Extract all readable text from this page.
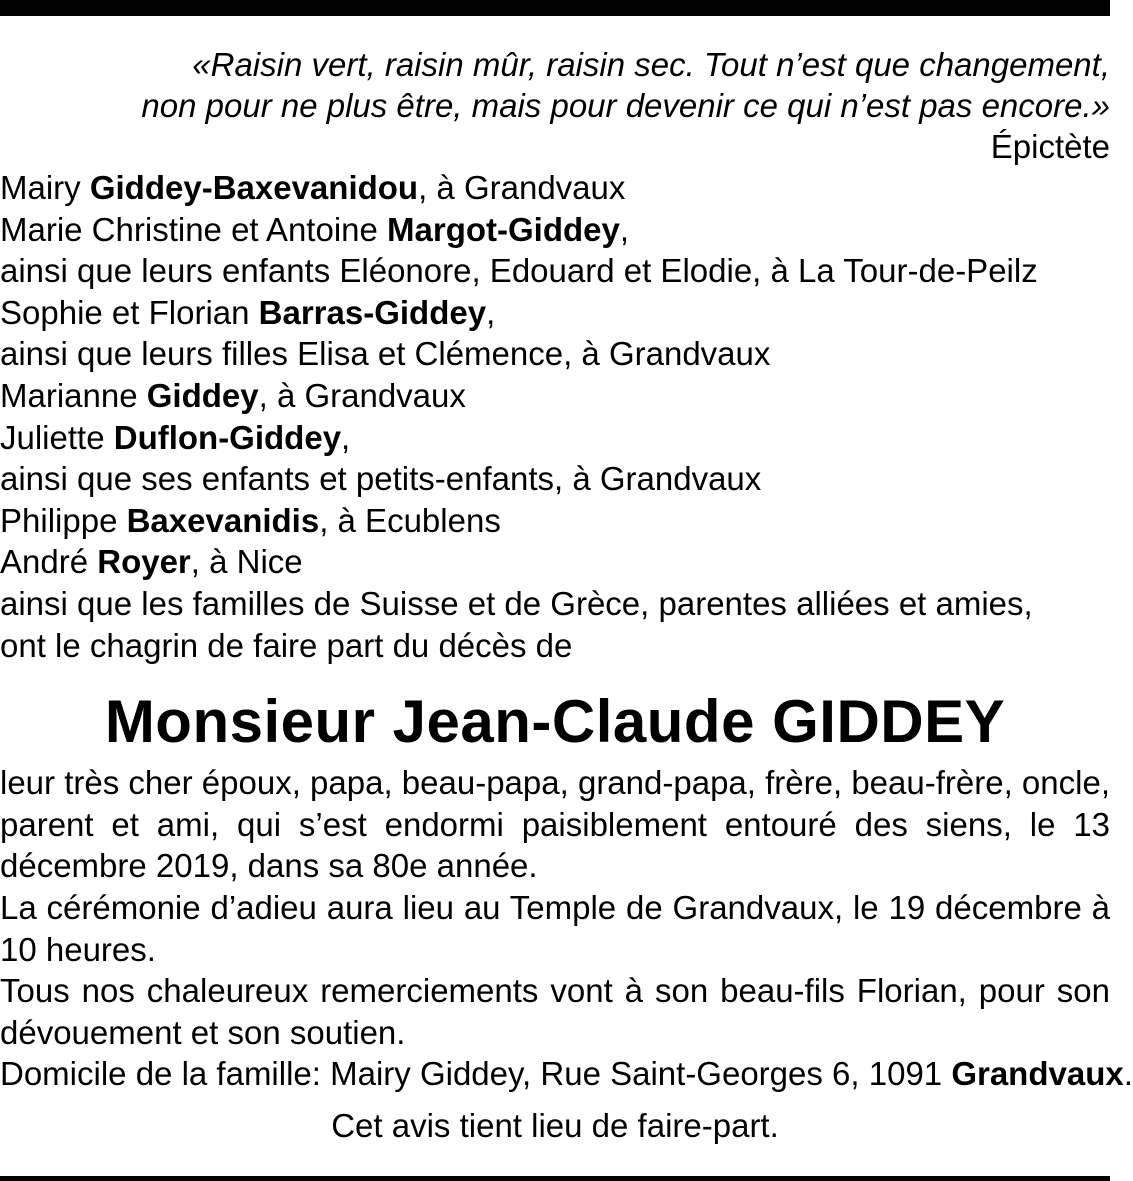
«Raisin vert, raisin mûr, raisin sec. Tout n’est que changement,
non pour ne plus être, mais pour devenir ce qui n’est pas encore.»
Épictète
Mairy Giddey-Baxevanidou, à Grandvaux
Marie Christine et Antoine Margot-Giddey,
ainsi que leurs enfants Eléonore, Edouard et Elodie, à La Tour-de-Peilz
Sophie et Florian Barras-Giddey,
ainsi que leurs filles Elisa et Clémence, à Grandvaux
Marianne Giddey, à Grandvaux
Juliette Duflon-Giddey,
ainsi que ses enfants et petits-enfants, à Grandvaux
Philippe Baxevanidis, à Ecublens
André Royer, à Nice
ainsi que les familles de Suisse et de Grèce, parentes alliées et amies,
ont le chagrin de faire part du décès de
Monsieur Jean-Claude GIDDEY
leur très cher époux, papa, beau-papa, grand-papa, frère, beau-frère, oncle, parent et ami, qui s’est endormi paisiblement entouré des siens, le 13 décembre 2019, dans sa 80e année.
La cérémonie d’adieu aura lieu au Temple de Grandvaux, le 19 décembre à 10 heures.
Tous nos chaleureux remerciements vont à son beau-fils Florian, pour son dévouement et son soutien.
Domicile de la famille: Mairy Giddey, Rue Saint-Georges 6, 1091 Grandvaux.
Cet avis tient lieu de faire-part.
